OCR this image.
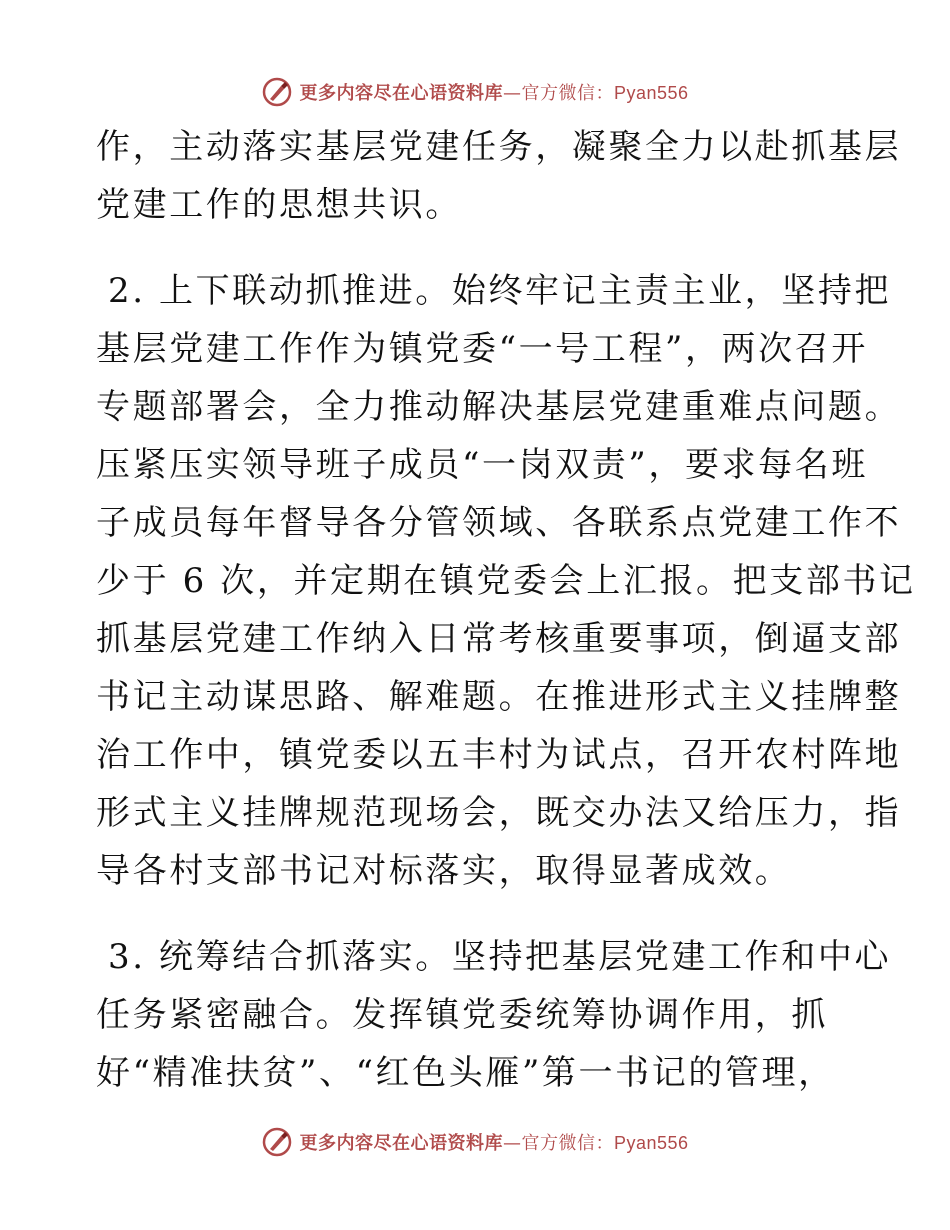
更多内容尽在心语资料库—官方微信：Pyan556
作，主动落实基层党建任务，凝聚全力以赴抓基层
党建工作的思想共识。
2. 上下联动抓推进。始终牢记主责主业，坚持把
基层党建工作作为镇党委“一号工程”，两次召开
专题部署会，全力推动解决基层党建重难点问题。
压紧压实领导班子成员“一岗双责”，要求每名班
子成员每年督导各分管领域、各联系点党建工作不
少于 6 次，并定期在镇党委会上汇报。把支部书记
抓基层党建工作纳入日常考核重要事项，倒逼支部
书记主动谋思路、解难题。在推进形式主义挂牌整
治工作中，镇党委以五丰村为试点，召开农村阵地
形式主义挂牌规范现场会，既交办法又给压力，指
导各村支部书记对标落实，取得显著成效。
3. 统筹结合抓落实。坚持把基层党建工作和中心
任务紧密融合。发挥镇党委统筹协调作用，抓
好“精准扶贫”、“红色头雁”第一书记的管理，
更多内容尽在心语资料库—官方微信：Pyan556
